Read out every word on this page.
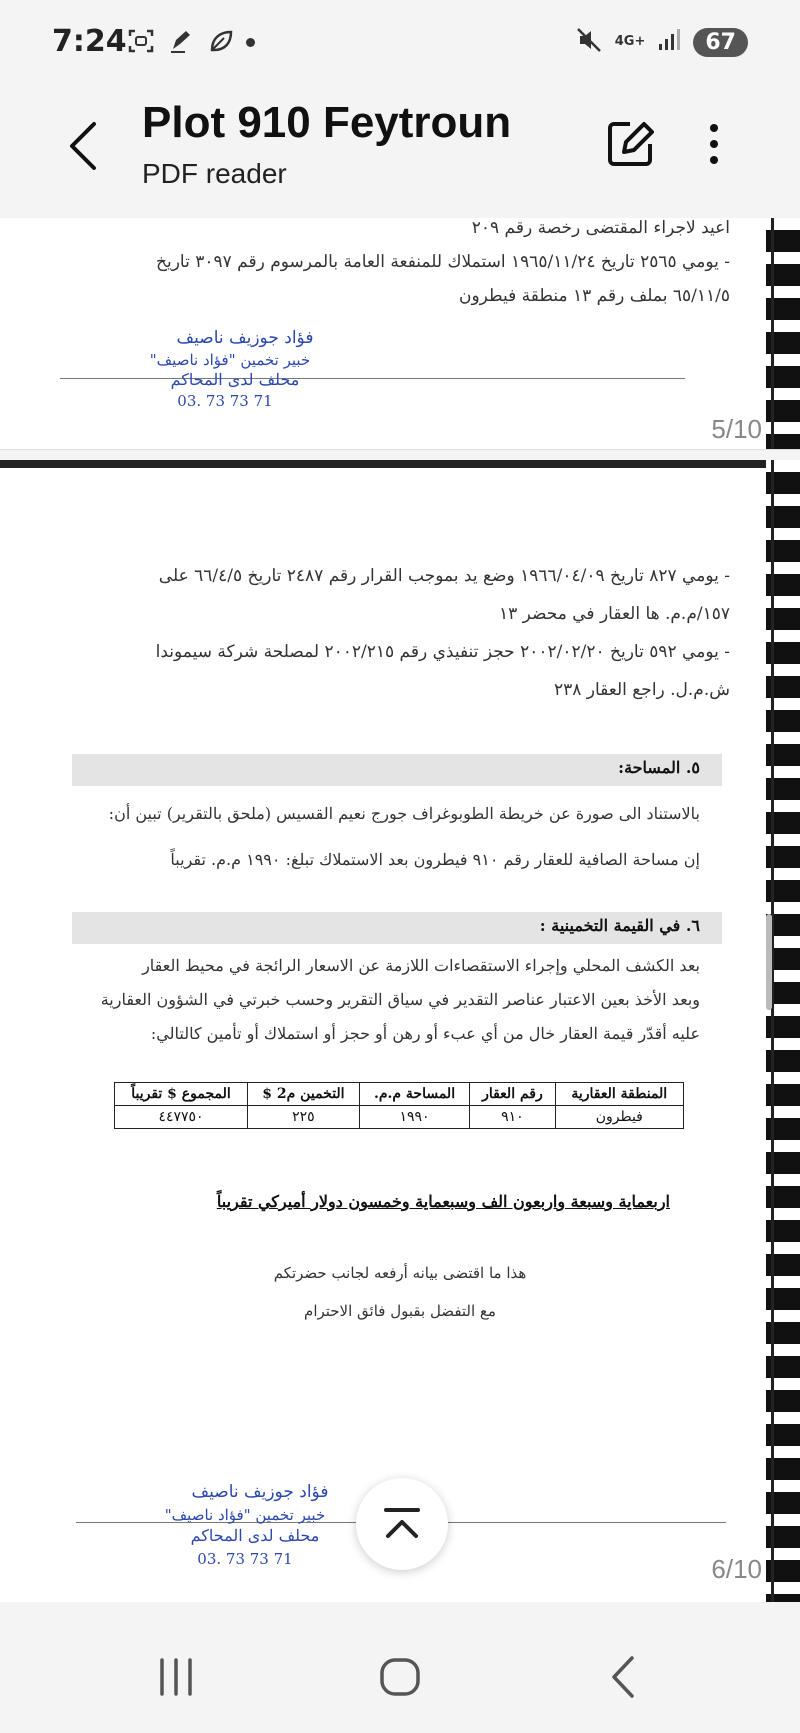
7:24	4G+	67
Plot 910 Feytroun
PDF reader
اعيد لاجراء المقتضى رخصة رقم ٢٠٩
- يومي ٢٥٦٥ تاريخ ١٩٦٥/١١/٢٤ استملاك للمنفعة العامة بالمرسوم رقم ٣٠٩٧ تاريخ
٦٥/١١/٥ بملف رقم ١٣ منطقة فيطرون
فؤاد جوزيف ناصيف
خبير تخمين "فؤاد ناصيف"
محلف لدى المحاكم
03. 73 73 71
5/10
- يومي ٨٢٧ تاريخ ١٩٦٦/٠٤/٠٩ وضع يد بموجب القرار رقم ٢٤٨٧ تاريخ ٦٦/٤/٥ على
١٥٧/م.م. ها العقار في محضر ١٣
- يومي ٥٩٢ تاريخ ٢٠٠٢/٠٢/٢٠ حجز تنفيذي رقم ٢٠٠٢/٢١٥ لمصلحة شركة سيموندا
ش.م.ل. راجع العقار ٢٣٨
٥. المساحة:
بالاستناد الى صورة عن خريطة الطوبوغراف جورج نعيم القسيس (ملحق بالتقرير) تبين أن:
إن مساحة الصافية للعقار رقم ٩١٠ فيطرون بعد الاستملاك تبلغ: ١٩٩٠ م.م. تقريباً
٦. في القيمة التخمينية :
بعد الكشف المحلي وإجراء الاستقصاءات اللازمة عن الاسعار الرائجة في محيط العقار
وبعد الأخذ بعين الاعتبار عناصر التقدير في سياق التقرير وحسب خبرتي في الشؤون العقارية
عليه أقدّر قيمة العقار خال من أي عبء أو رهن أو حجز أو استملاك أو تأمين كالتالي:
المنطقة العقارية	رقم العقار	المساحة م.م.	التخمين م2 $	المجموع $ تقريباً
فيطرون	٩١٠	١٩٩٠	٢٢٥	٤٤٧٧٥٠
اربعماية وسبعة واربعون الف وسبعماية وخمسون دولار أميركي تقريباً
هذا ما اقتضى بيانه أرفعه لجانب حضرتكم
مع التفضل بقبول فائق الاحترام
فؤاد جوزيف ناصيف
خبير تخمين "فؤاد ناصيف"
محلف لدى المحاكم
03. 73 73 71	6/10
